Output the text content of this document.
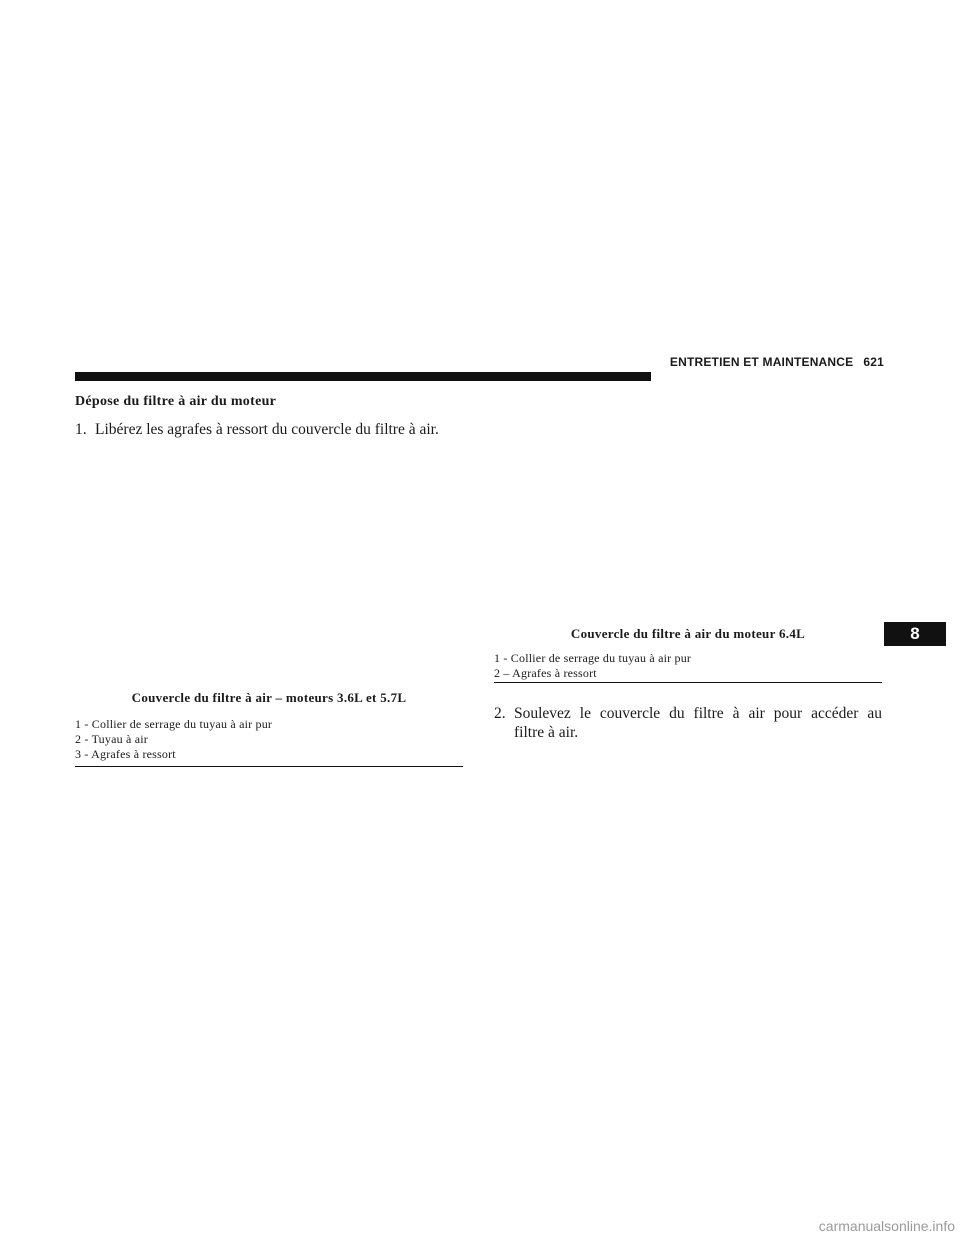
ENTRETIEN ET MAINTENANCE 621
Dépose du filtre à air du moteur
1. Libérez les agrafes à ressort du couvercle du filtre à air.
Couvercle du filtre à air – moteurs 3.6L et 5.7L
1 - Collier de serrage du tuyau à air pur
2 - Tuyau à air
3 - Agrafes à ressort
Couvercle du filtre à air du moteur 6.4L
1 - Collier de serrage du tuyau à air pur
2 – Agrafes à ressort
2. Soulevez le couvercle du filtre à air pour accéder au
filtre à air.
8
carmanualsonline.info
